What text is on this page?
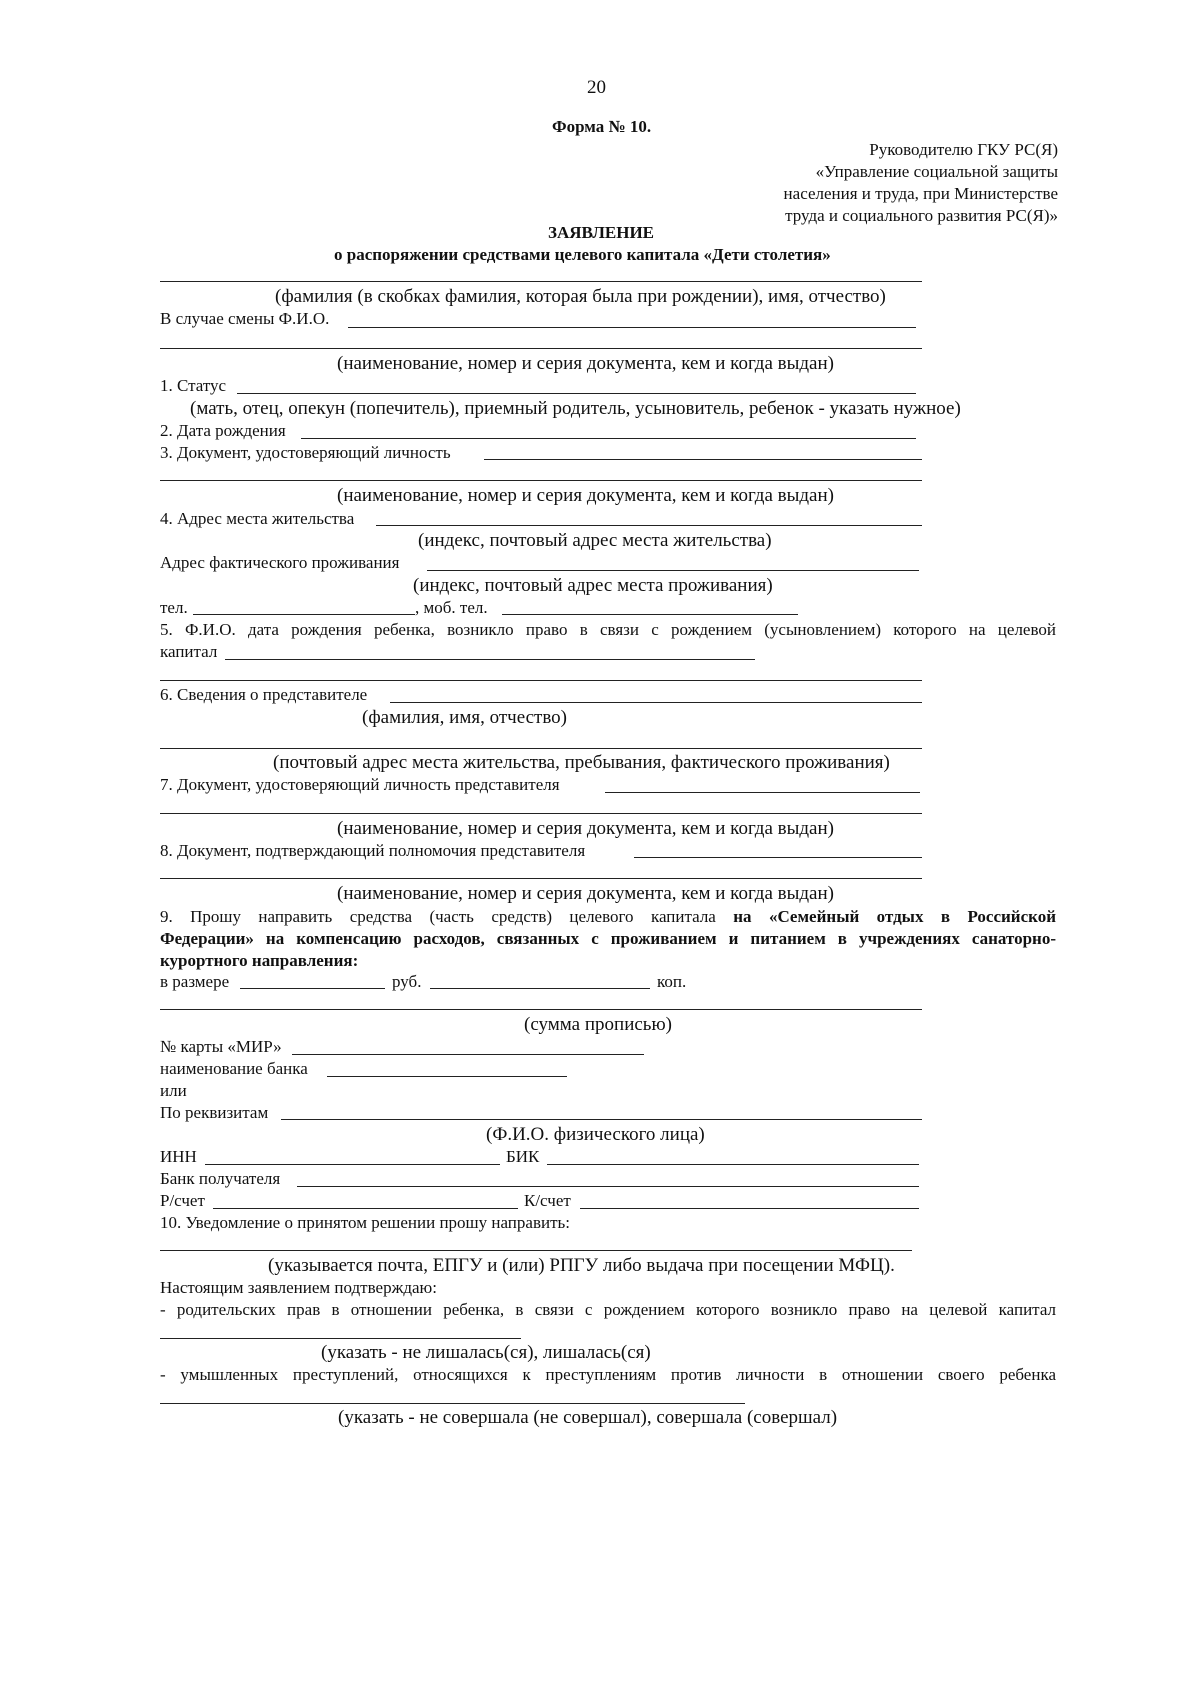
20
Форма № 10.
Руководителю ГКУ РС(Я)
«Управление социальной защиты
населения и труда, при Министерстве
труда и социального развития РС(Я)»
ЗАЯВЛЕНИЕ
о распоряжении средствами целевого капитала «Дети столетия»
(фамилия (в скобках фамилия, которая была при рождении), имя, отчество)
В случае смены Ф.И.О.
(наименование, номер и серия документа, кем и когда выдан)
1. Статус
(мать, отец, опекун (попечитель), приемный родитель, усыновитель, ребенок - указать нужное)
2. Дата рождения
3. Документ, удостоверяющий личность
(наименование, номер и серия документа, кем и когда выдан)
4. Адрес места жительства
(индекс, почтовый адрес места жительства)
Адрес фактического проживания
(индекс, почтовый адрес места проживания)
тел.	, моб. тел.
5. Ф.И.О. дата рождения ребенка, возникло право в связи с рождением (усыновлением) которого на целевой
капитал
6. Сведения о представителе
(фамилия, имя, отчество)
(почтовый адрес места жительства, пребывания, фактического проживания)
7. Документ, удостоверяющий личность представителя
(наименование, номер и серия документа, кем и когда выдан)
8. Документ, подтверждающий полномочия представителя
(наименование, номер и серия документа, кем и когда выдан)
9. Прошу направить средства (часть средств) целевого капитала на «Семейный отдых в Российской
Федерации» на компенсацию расходов, связанных с проживанием и питанием в учреждениях санаторно-
курортного направления:
в размере	руб.	коп.
(сумма прописью)
№ карты «МИР»
наименование банка
или
По реквизитам
(Ф.И.О. физического лица)
ИНН	БИК
Банк получателя
Р/счет	К/счет
10. Уведомление о принятом решении прошу направить:
(указывается почта, ЕПГУ и (или) РПГУ либо выдача при посещении МФЦ).
Настоящим заявлением подтверждаю:
- родительских прав в отношении ребенка, в связи с рождением которого возникло право на целевой капитал
(указать - не лишалась(ся), лишалась(ся)
- умышленных преступлений, относящихся к преступлениям против личности в отношении своего ребенка
(указать - не совершала (не совершал), совершала (совершал)
